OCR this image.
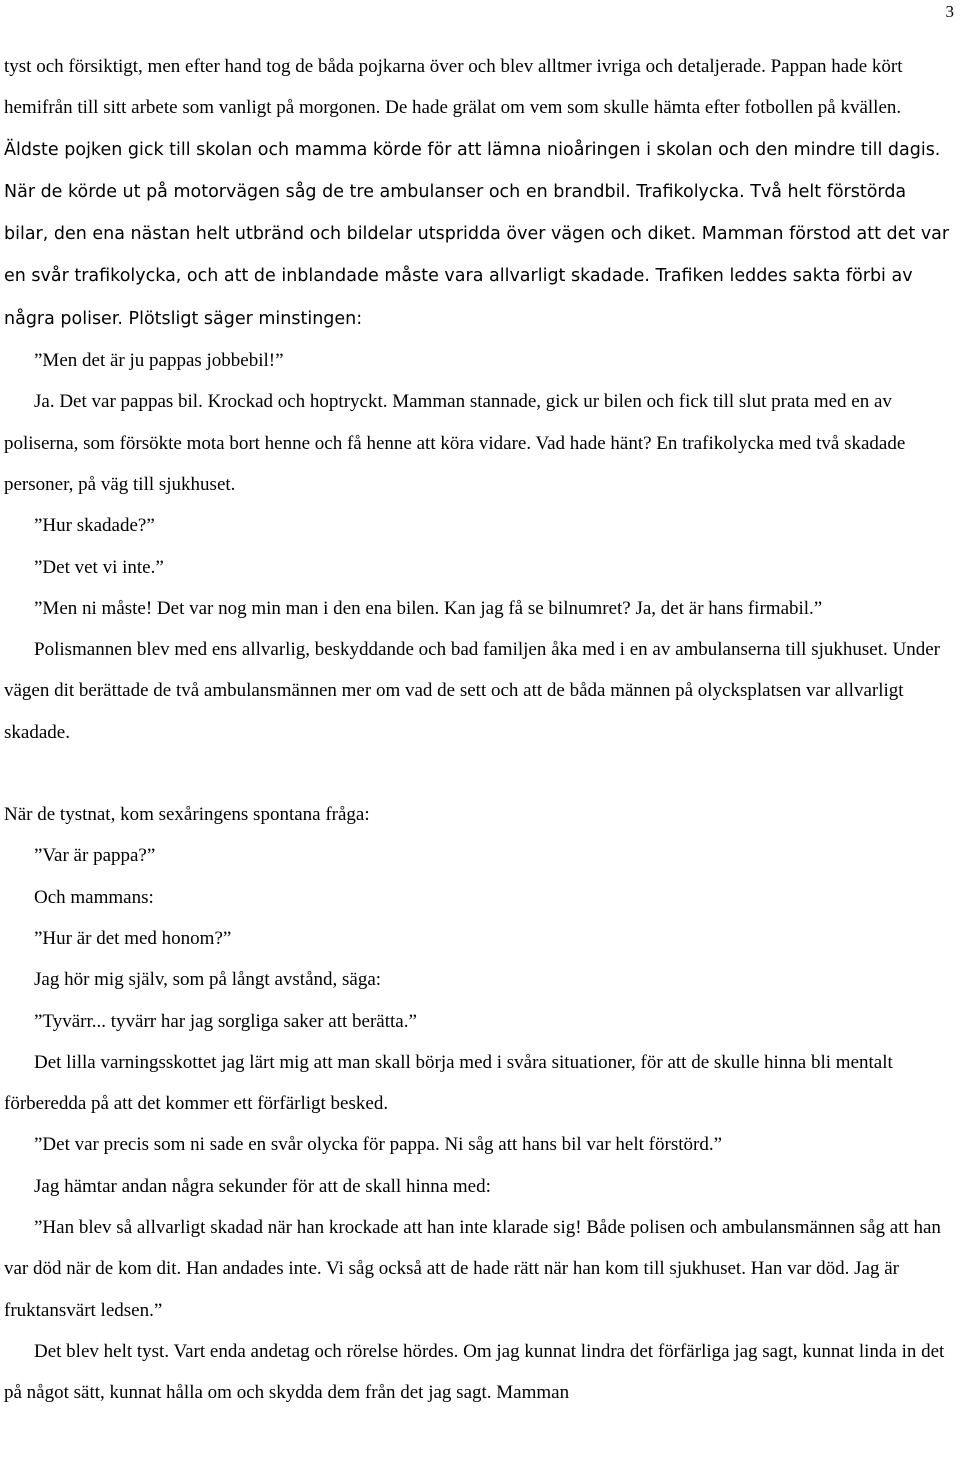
3

tyst och försiktigt, men efter hand tog de båda pojkarna över och blev alltmer ivriga och detaljerade. Pappan hade kört hemifrån till sitt arbete som vanligt på morgonen. De hade grälat om vem som skulle hämta efter fotbollen på kvällen. Äldste pojken gick till skolan och mamma körde för att lämna nioåringen i skolan och den mindre till dagis. När de körde ut på motorvägen såg de tre ambulanser och en brandbil. Trafikolycka. Två helt förstörda bilar, den ena nästan helt utbränd och bildelar utspridda över vägen och diket. Mamman förstod att det var en svår trafikolycka, och att de inblandade måste vara allvarligt skadade. Trafiken leddes sakta förbi av några poliser. Plötsligt säger minstingen:

”Men det är ju pappas jobbebil!”

Ja. Det var pappas bil. Krockad och hoptryckt. Mamman stannade, gick ur bilen och fick till slut prata med en av poliserna, som försökte mota bort henne och få henne att köra vidare. Vad hade hänt? En trafikolycka med två skadade personer, på väg till sjukhuset.

”Hur skadade?”

”Det vet vi inte.”

”Men ni måste! Det var nog min man i den ena bilen. Kan jag få se bilnumret? Ja, det är hans firmabil.”

Polismannen blev med ens allvarlig, beskyddande och bad familjen åka med i en av ambulanserna till sjukhuset. Under vägen dit berättade de två ambulansmännen mer om vad de sett och att de båda männen på olycksplatsen var allvarligt skadade.

När de tystnat, kom sexåringens spontana fråga:

”Var är pappa?”

Och mammans:

”Hur är det med honom?”

Jag hör mig själv, som på långt avstånd, säga:

”Tyvärr... tyvärr har jag sorgliga saker att berätta.”

Det lilla varningsskottet jag lärt mig att man skall börja med i svåra situationer, för att de skulle hinna bli mentalt förberedda på att det kommer ett förfärligt besked.

”Det var precis som ni sade en svår olycka för pappa. Ni såg att hans bil var helt förstörd.”

Jag hämtar andan några sekunder för att de skall hinna med:

”Han blev så allvarligt skadad när han krockade att han inte klarade sig! Både polisen och ambulansmännen såg att han var död när de kom dit. Han andades inte. Vi såg också att de hade rätt när han kom till sjukhuset. Han var död. Jag är fruktansvärt ledsen.”

Det blev helt tyst. Vart enda andetag och rörelse hördes. Om jag kunnat lindra det förfärliga jag sagt, kunnat linda in det på något sätt, kunnat hålla om och skydda dem från det jag sagt. Mamman
